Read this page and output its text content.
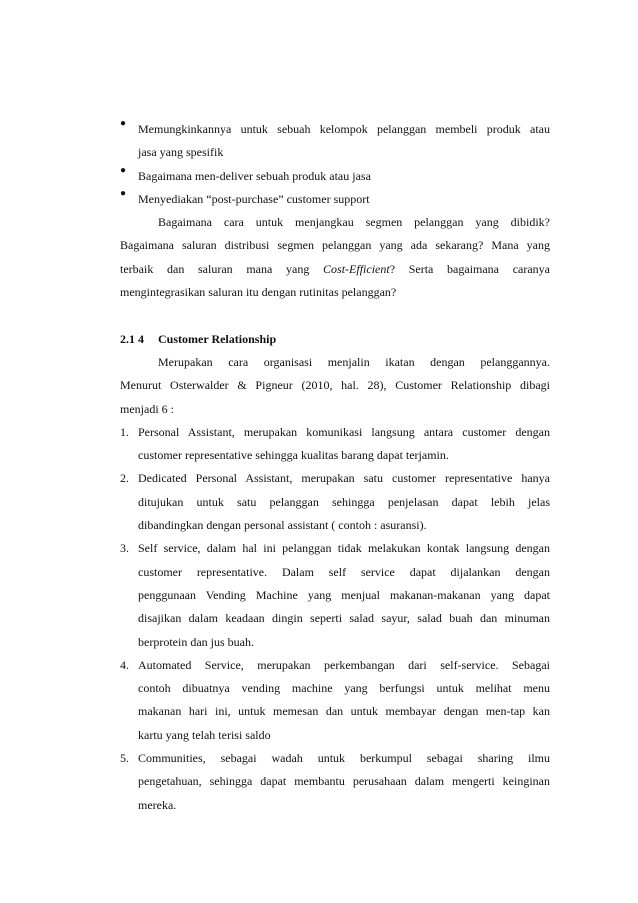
● Memungkinkannya untuk sebuah kelompok pelanggan membeli produk atau
jasa yang spesifik
● Bagaimana men-deliver sebuah produk atau jasa
● Menyediakan “post-purchase” customer support
Bagaimana cara untuk menjangkau segmen pelanggan yang dibidik?
Bagaimana saluran distribusi segmen pelanggan yang ada sekarang? Mana yang
terbaik dan saluran mana yang Cost-Efficient? Serta bagaimana caranya
mengintegrasikan saluran itu dengan rutinitas pelanggan?
2.1 4 Customer Relationship
Merupakan cara organisasi menjalin ikatan dengan pelanggannya.
Menurut Osterwalder & Pigneur (2010, hal. 28), Customer Relationship dibagi
menjadi 6 :
1. Personal Assistant, merupakan komunikasi langsung antara customer dengan
customer representative sehingga kualitas barang dapat terjamin.
2. Dedicated Personal Assistant, merupakan satu customer representative hanya
ditujukan untuk satu pelanggan sehingga penjelasan dapat lebih jelas
dibandingkan dengan personal assistant ( contoh : asuransi).
3. Self service, dalam hal ini pelanggan tidak melakukan kontak langsung dengan
customer representative. Dalam self service dapat dijalankan dengan
penggunaan Vending Machine yang menjual makanan-makanan yang dapat
disajikan dalam keadaan dingin seperti salad sayur, salad buah dan minuman
berprotein dan jus buah.
4. Automated Service, merupakan perkembangan dari self-service. Sebagai
contoh dibuatnya vending machine yang berfungsi untuk melihat menu
makanan hari ini, untuk memesan dan untuk membayar dengan men-tap kan
kartu yang telah terisi saldo
5. Communities, sebagai wadah untuk berkumpul sebagai sharing ilmu
pengetahuan, sehingga dapat membantu perusahaan dalam mengerti keinginan
mereka.
